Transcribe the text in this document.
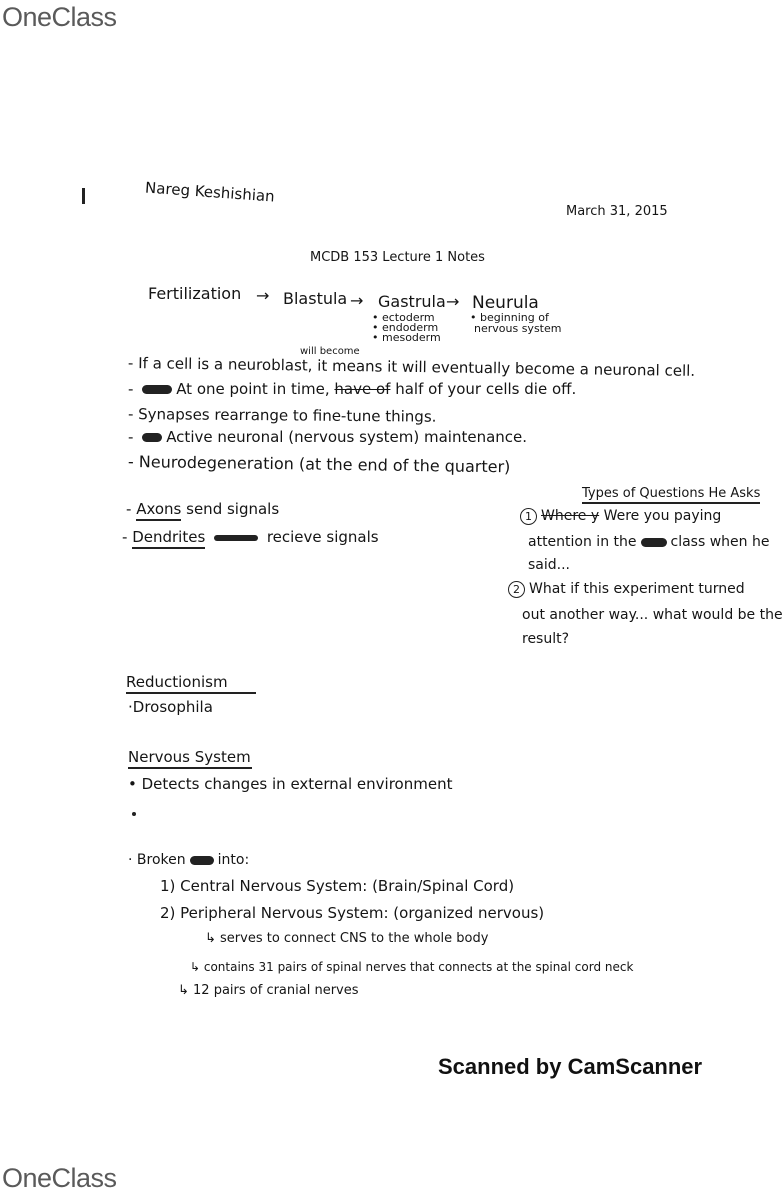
OneClass
Nareg Keshishian
March 31, 2015
MCDB 153 Lecture 1 Notes
Fertilization → Blastula → Gastrula → Neurula
• ectoderm
• endoderm
• mesoderm
• beginning of
nervous system
will become
- If a cell is a neuroblast, it means it will eventually become a neuronal cell.
-	At one point in time, have of half of your cells die off.
- Synapses rearrange to fine-tune things.
- Active neuronal (nervous system) maintenance.
- Neurodegeneration (at the end of the quarter)
- Axons send signals
- Dendrites	recieve signals
Types of Questions He Asks
1 Where y Were you paying
attention in the class when he
said...
2 What if this experiment turned
out another way... what would be the
result?
Reductionism
·Drosophila
Nervous System
• Detects changes in external environment
· Broken into:
1) Central Nervous System: (Brain/Spinal Cord)
2) Peripheral Nervous System: (organized nervous)
↳ serves to connect CNS to the whole body
↳ contains 31 pairs of spinal nerves that connects at the spinal cord neck
↳ 12 pairs of cranial nerves
Scanned by CamScanner
OneClass
